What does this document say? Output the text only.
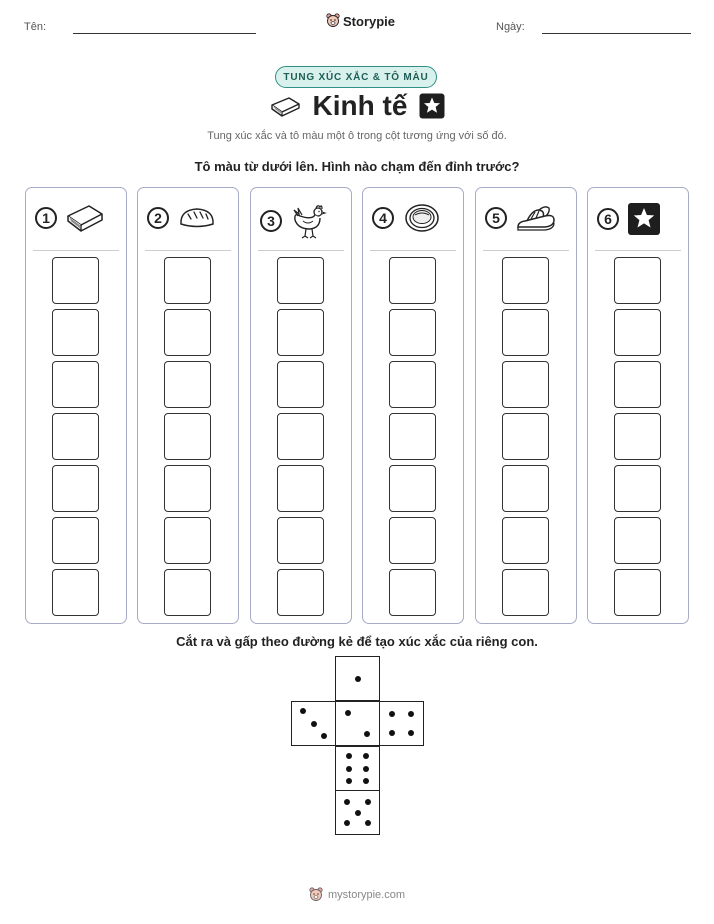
Tên:	Storypie	Ngày:
TUNG XÚC XẮC & TÔ MÀU
Kinh tế
Tung xúc xắc và tô màu một ô trong cột tương ứng với số đó.
Tô màu từ dưới lên. Hình nào chạm đến đỉnh trước?
1	2	3	4	5	6
Cắt ra và gấp theo đường kẻ để tạo xúc xắc của riêng con.
mystorypie.com
